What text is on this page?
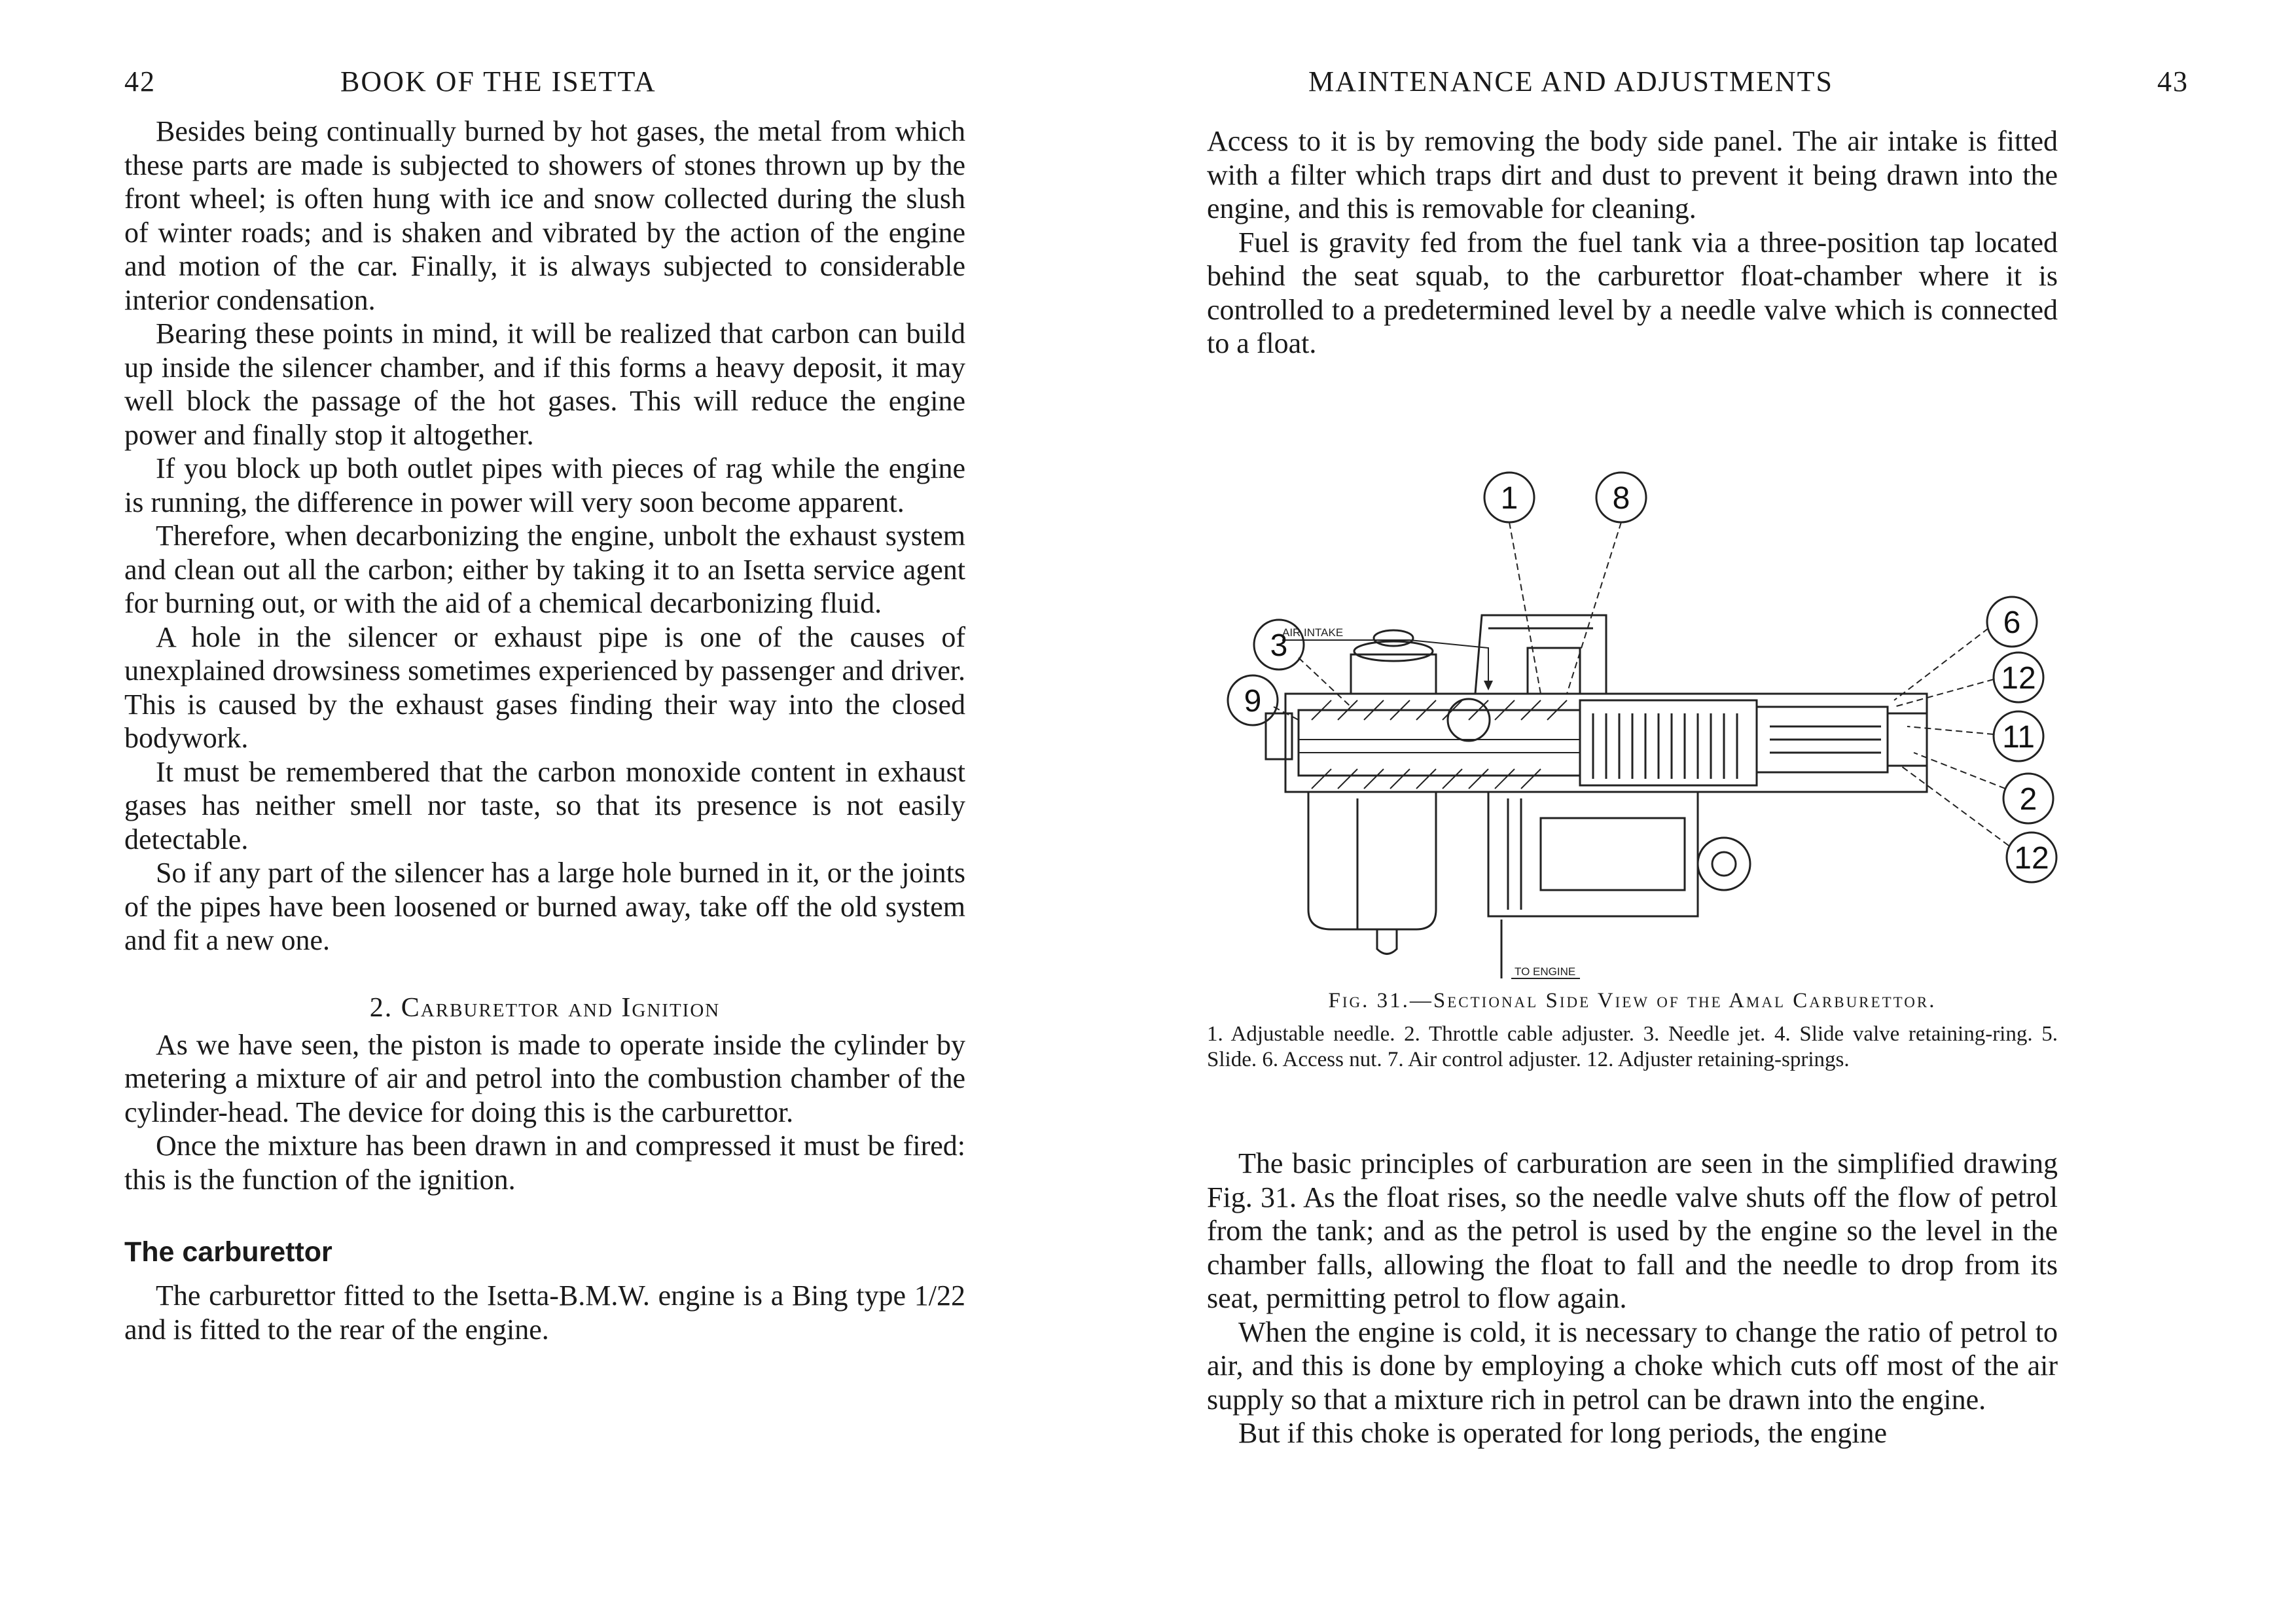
42	BOOK OF THE ISETTA

Besides being continually burned by hot gases, the metal from which these parts are made is subjected to showers of stones thrown up by the front wheel; is often hung with ice and snow collected during the slush of winter roads; and is shaken and vibrated by the action of the engine and motion of the car. Finally, it is always subjected to considerable interior condensation.

Bearing these points in mind, it will be realized that carbon can build up inside the silencer chamber, and if this forms a heavy deposit, it may well block the passage of the hot gases. This will reduce the engine power and finally stop it altogether.

If you block up both outlet pipes with pieces of rag while the engine is running, the difference in power will very soon become apparent.

Therefore, when decarbonizing the engine, unbolt the exhaust system and clean out all the carbon; either by taking it to an Isetta service agent for burning out, or with the aid of a chemical decarbonizing fluid.

A hole in the silencer or exhaust pipe is one of the causes of unexplained drowsiness sometimes experienced by passenger and driver. This is caused by the exhaust gases finding their way into the closed bodywork.

It must be remembered that the carbon monoxide content in exhaust gases has neither smell nor taste, so that its presence is not easily detectable.

So if any part of the silencer has a large hole burned in it, or the joints of the pipes have been loosened or burned away, take off the old system and fit a new one.

2. Carburettor and Ignition

As we have seen, the piston is made to operate inside the cylinder by metering a mixture of air and petrol into the combustion chamber of the cylinder-head. The device for doing this is the carburettor.

Once the mixture has been drawn in and compressed it must be fired: this is the function of the ignition.

The carburettor

The carburettor fitted to the Isetta-B.M.W. engine is a Bing type 1/22 and is fitted to the rear of the engine.

MAINTENANCE AND ADJUSTMENTS	43

Access to it is by removing the body side panel. The air intake is fitted with a filter which traps dirt and dust to prevent it being drawn into the engine, and this is removable for cleaning.

Fuel is gravity fed from the fuel tank via a three-position tap located behind the seat squab, to the carburettor float-chamber where it is controlled to a predetermined level by a needle valve which is connected to a float.

1	8
3
9
6
12
11
2
12
AIR INTAKE
TO ENGINE
Fig. 31.—Sectional Side View of the Amal Carburettor.
1. Adjustable needle. 2. Throttle cable adjuster. 3. Needle jet. 4. Slide valve retaining-ring. 5. Slide. 6. Access nut. 7. Air control adjuster. 12. Adjuster retaining-springs.

The basic principles of carburation are seen in the simplified drawing Fig. 31. As the float rises, so the needle valve shuts off the flow of petrol from the tank; and as the petrol is used by the engine so the level in the chamber falls, allowing the float to fall and the needle to drop from its seat, permitting petrol to flow again.

When the engine is cold, it is necessary to change the ratio of petrol to air, and this is done by employing a choke which cuts off most of the air supply so that a mixture rich in petrol can be drawn into the engine.

But if this choke is operated for long periods, the engine
